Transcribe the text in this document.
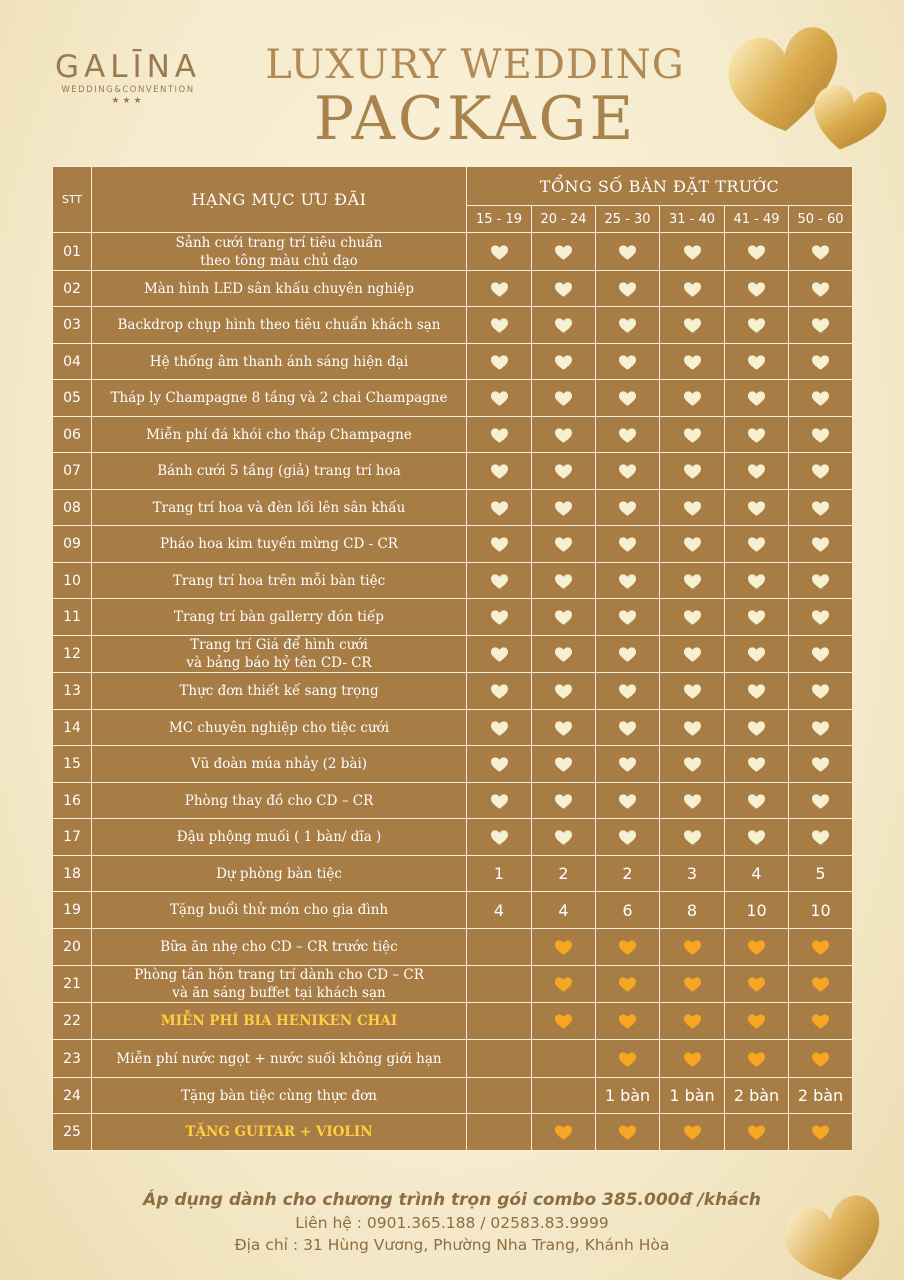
GALĪNA
WEDDING&CONVENTION
★★★
LUXURY WEDDING
PACKAGE
STT	HẠNG MỤC ƯU ĐÃI	TỔNG SỐ BÀN ĐẶT TRƯỚC					
		15 - 19	20 - 24	25 - 30	31 - 40	41 - 49	50 - 60
01	Sảnh cưới trang trí tiêu chuẩn
theo tông màu chủ đạo						
02	Màn hình LED sân khấu chuyên nghiệp						
03	Backdrop chụp hình theo tiêu chuẩn khách sạn						
04	Hệ thống âm thanh ánh sáng hiện đại						
05	Tháp ly Champagne 8 tầng và 2 chai Champagne						
06	Miễn phí đá khói cho tháp Champagne						
07	Bánh cưới 5 tầng (giả) trang trí hoa						
08	Trang trí hoa và đèn lối lên sân khấu						
09	Pháo hoa kim tuyến mừng CD - CR						
10	Trang trí hoa trên mỗi bàn tiệc						
11	Trang trí bàn gallerry đón tiếp						
12	Trang trí Giá để hình cưới
và bảng báo hỷ tên CD- CR						
13	Thực đơn thiết kế sang trọng						
14	MC chuyên nghiệp cho tiệc cưới						
15	Vũ đoàn múa nhảy (2 bài)						
16	Phòng thay đồ cho CD – CR						
17	Đậu phộng muối ( 1 bàn/ dĩa )						
18	Dự phòng bàn tiệc	1	2	2	3	4	5
19	Tặng buổi thử món cho gia đình	4	4	6	8	10	10
20	Bữa ăn nhẹ cho CD – CR trước tiệc						
21	Phòng tân hôn trang trí dành cho CD – CR
và ăn sáng buffet tại khách sạn						
22	MIỄN PHÍ BIA HENIKEN CHAI						
23	Miễn phí nước ngọt + nước suối không giới hạn						
24	Tặng bàn tiệc cùng thực đơn			1 bàn	1 bàn	2 bàn	2 bàn
25	TẶNG GUITAR + VIOLIN						
Áp dụng dành cho chương trình trọn gói combo 385.000đ /khách
Liên hệ : 0901.365.188 / 02583.83.9999
Địa chỉ : 31 Hùng Vương, Phường Nha Trang, Khánh Hòa
